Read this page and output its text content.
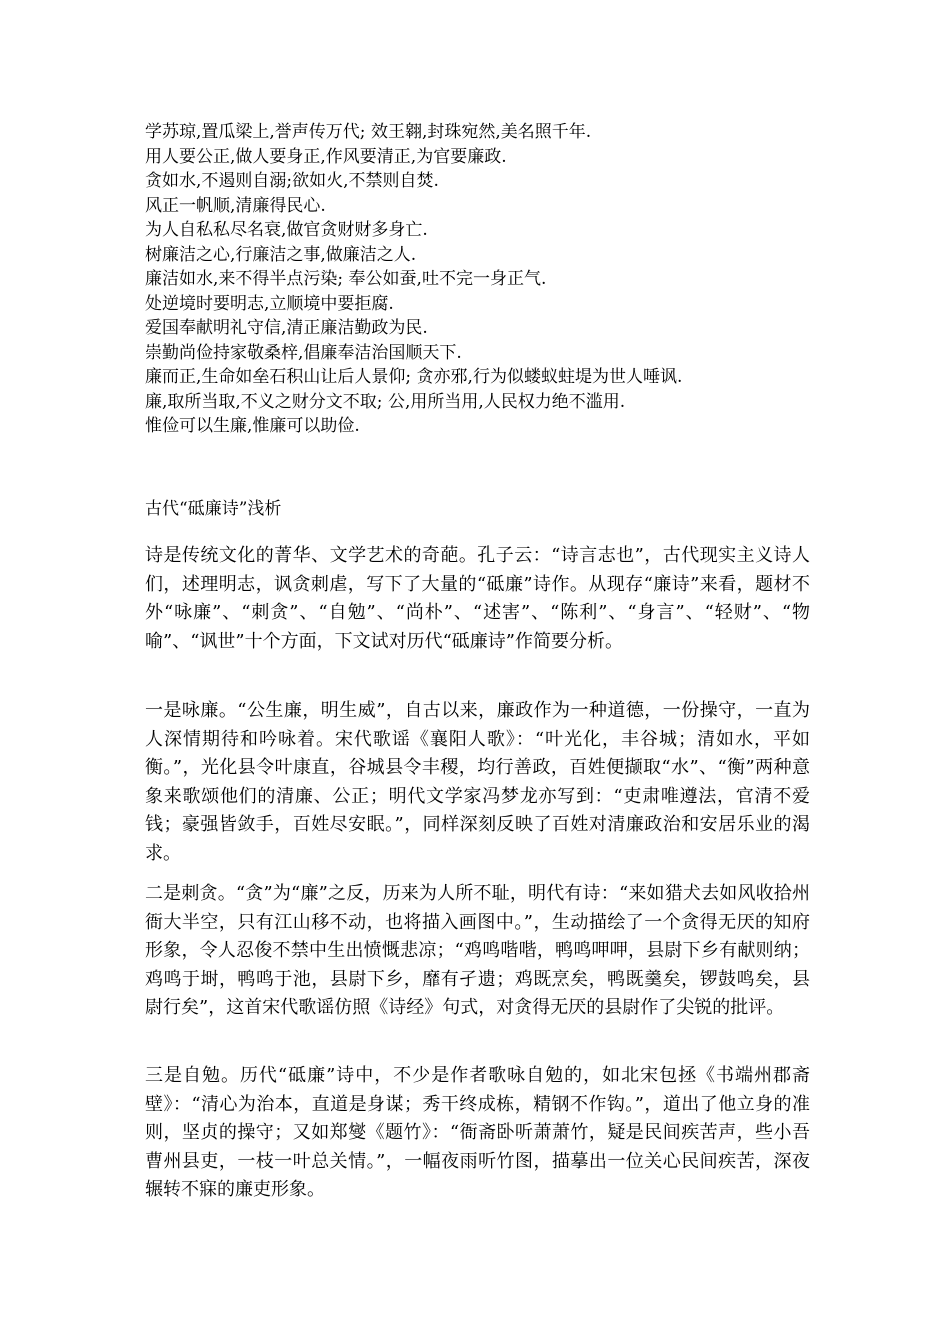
学苏琼,置瓜梁上,誉声传万代; 效王翱,封珠宛然,美名照千年.
用人要公正,做人要身正,作风要清正,为官要廉政.
贪如水,不遏则自溺;欲如火,不禁则自焚.
风正一帆顺,清廉得民心.
为人自私私尽名衰,做官贪财财多身亡.
树廉洁之心,行廉洁之事,做廉洁之人.
廉洁如水,来不得半点污染; 奉公如蚕,吐不完一身正气.
处逆境时要明志,立顺境中要拒腐.
爱国奉献明礼守信,清正廉洁勤政为民.
崇勤尚俭持家敬桑梓,倡廉奉洁治国顺天下.
廉而正,生命如垒石积山让后人景仰; 贪亦邪,行为似蝼蚁蛀堤为世人唾讽.
廉,取所当取,不义之财分文不取; 公,用所当用,人民权力绝不滥用.
惟俭可以生廉,惟廉可以助俭.
古代“砥廉诗”浅析

诗是传统文化的菁华、文学艺术的奇葩。孔子云：“诗言志也”，古代现实主义诗人们，述理明志，讽贪刺虐，写下了大量的“砥廉”诗作。从现存“廉诗”来看，题材不外“咏廉”、“刺贪”、“自勉”、“尚朴”、“述害”、“陈利”、“身言”、“轻财”、“物喻”、“讽世”十个方面，下文试对历代“砥廉诗”作简要分析。

一是咏廉。“公生廉，明生威”，自古以来，廉政作为一种道德，一份操守，一直为人深情期待和吟咏着。宋代歌谣《襄阳人歌》：“叶光化，丰谷城；清如水，平如衡。”，光化县令叶康直，谷城县令丰稷，均行善政，百姓便撷取“水”、“衡”两种意象来歌颂他们的清廉、公正；明代文学家冯梦龙亦写到：“吏肃唯遵法，官清不爱钱；豪强皆敛手，百姓尽安眠。”，同样深刻反映了百姓对清廉政治和安居乐业的渴求。

二是刺贪。“贪”为“廉”之反，历来为人所不耻，明代有诗：“来如猎犬去如风收拾州衙大半空，只有江山移不动，也将描入画图中。”，生动描绘了一个贪得无厌的知府形象，令人忍俊不禁中生出愤慨悲凉；“鸡鸣喈喈，鸭鸣呷呷，县尉下乡有献则纳；鸡鸣于埘，鸭鸣于池，县尉下乡，靡有孑遗；鸡既烹矣，鸭既羹矣，锣鼓鸣矣，县尉行矣”，这首宋代歌谣仿照《诗经》句式，对贪得无厌的县尉作了尖锐的批评。

三是自勉。历代“砥廉”诗中，不少是作者歌咏自勉的，如北宋包拯《书端州郡斋壁》：“清心为治本，直道是身谋；秀干终成栋，精钢不作钩。”，道出了他立身的准则，坚贞的操守；又如郑燮《题竹》：“衙斋卧听萧萧竹，疑是民间疾苦声，些小吾曹州县吏，一枝一叶总关情。”，一幅夜雨听竹图，描摹出一位关心民间疾苦，深夜辗转不寐的廉吏形象。
